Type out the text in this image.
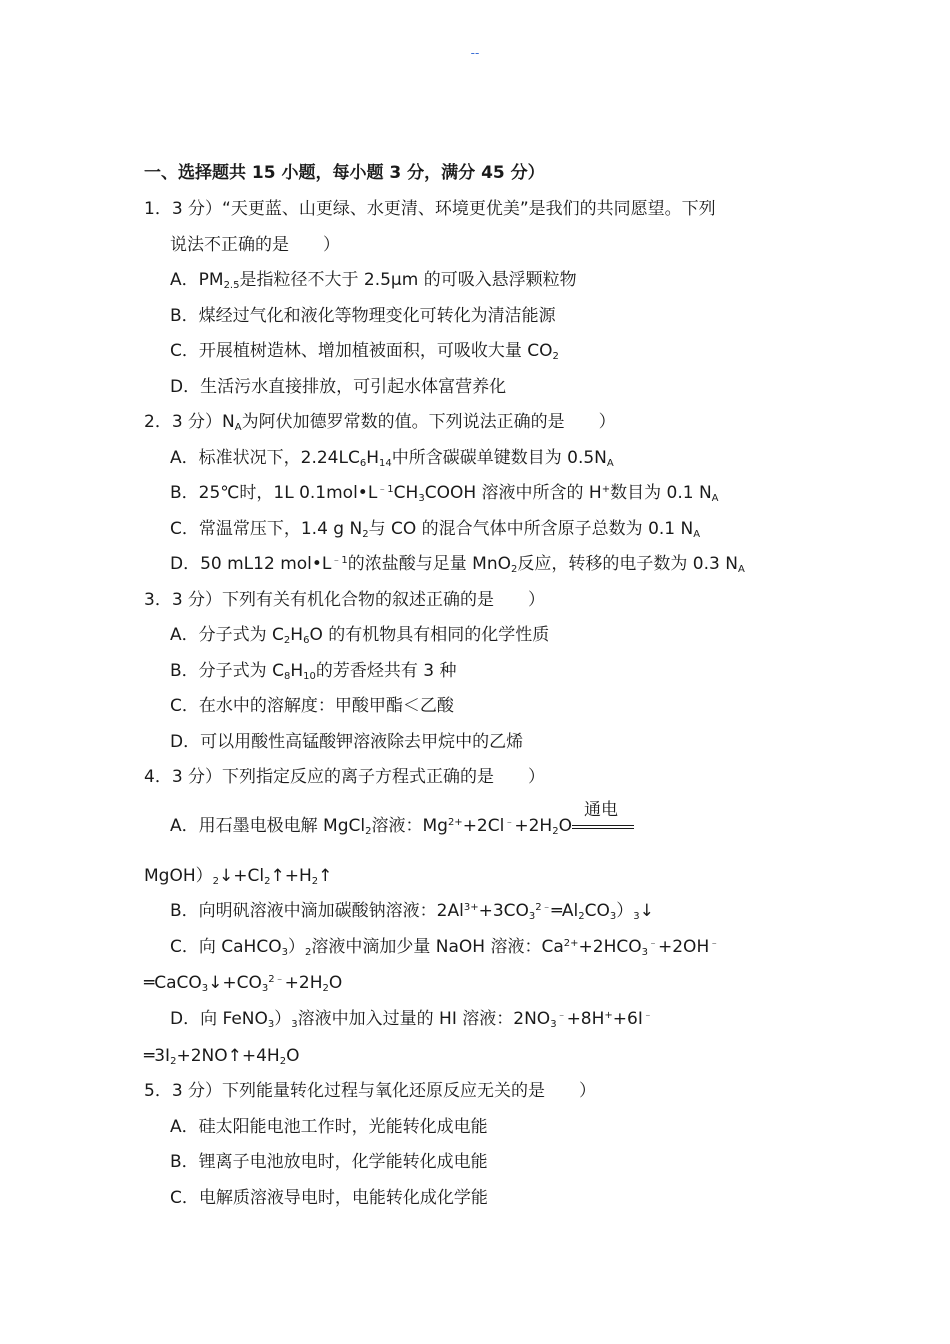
--
一、选择题共 15 小题，每小题 3 分，满分 45 分）
1．3 分）“天更蓝、山更绿、水更清、环境更优美”是我们的共同愿望。下列
说法不正确的是　　）
A．$PM_{2.5}$是指粒径不大于 2.5μm 的可吸入悬浮颗粒物
B．煤经过气化和液化等物理变化可转化为清洁能源
C．开展植树造林、增加植被面积，可吸收大量 $CO_2$
D．生活污水直接排放，可引起水体富营养化
2．3 分）$N_A$为阿伏加德罗常数的值。下列说法正确的是　　）
A．标准状况下，$2.24LC_6H_{14}$中所含碳碳单键数目为 $0.5N_A$
B．25℃时，1L $0.1mol•L^{﹣1}CH_3COOH$ 溶液中所含的 H+数目为 0.1 $N_A$
C．常温常压下，1.4 g $N_2$与 CO 的混合气体中所含原子总数为 0.1 $N_A$
D．50 mL12 $mol•L^{﹣1}$的浓盐酸与足量 MnO$_2$反应，转移的电子数为 0.3 $N_A$
3．3 分）下列有关有机化合物的叙述正确的是　　）
A．分子式为 $C_2H_6O$ 的有机物具有相同的化学性质
B．分子式为 $C_8H_{10}$的芳香烃共有 3 种
C．在水中的溶解度：甲酸甲酯＜乙酸
D．可以用酸性高锰酸钾溶液除去甲烷中的乙烯
4．3 分）下列指定反应的离子方程式正确的是　　）
A．用石墨电极电解 MgCl$_2$溶液：$Mg^{2+}+2Cl^﹣+2H_2O$
通电
$MgOH)_2↓+Cl_2↑+H_2↑$
B．向明矾溶液中滴加碳酸钠溶液：$2Al^{3+}+3CO_3^{2﹣}═Al_2CO_3)_3↓$
C．向 $CaHCO_3)_2$溶液中滴加少量 NaOH 溶液：$Ca^{2+}+2HCO_3^﹣+2OH^﹣$
$═CaCO_3↓+CO_3^{2﹣}+2H_2O$
D．向 $FeNO_3)_3$溶液中加入过量的 HI 溶液：$2NO_3^﹣+8H^++6I^﹣$
$═3I_2+2NO↑+4H_2O$
5．3 分）下列能量转化过程与氧化还原反应无关的是　　）
A．硅太阳能电池工作时，光能转化成电能
B．锂离子电池放电时，化学能转化成电能
C．电解质溶液导电时，电能转化成化学能
